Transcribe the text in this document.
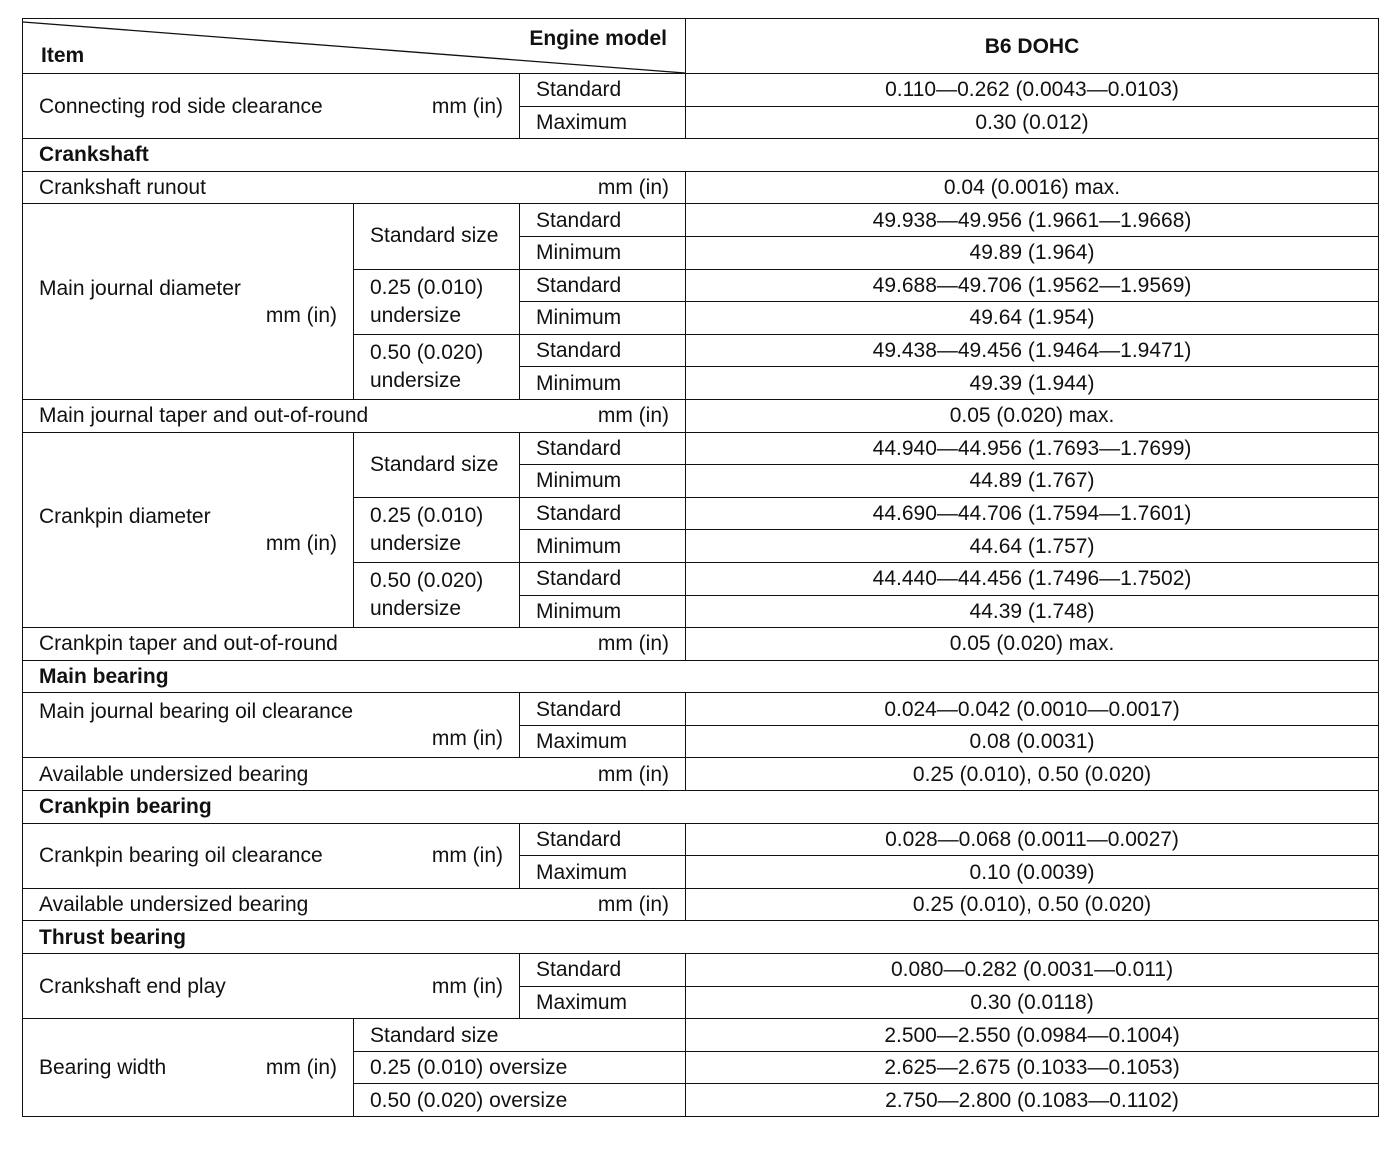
Item
Engine model			B6 DOHC

Connecting rod side clearance mm (in)		Standard	0.110—0.262 (0.0043—0.0103)
		Maximum	0.30 (0.012)
Crankshaft			

Crankshaft runout mm (in)			0.04 (0.0016) max.

Main journal diameter
mm (in)	Standard size	Standard	49.938—49.956 (1.9661—1.9668)
		Minimum	49.89 (1.964)
	0.25 (0.010) undersize	Standard	49.688—49.706 (1.9562—1.9569)
		Minimum	49.64 (1.954)
	0.50 (0.020) undersize	Standard	49.438—49.456 (1.9464—1.9471)
		Minimum	49.39 (1.944)

Main journal taper and out-of-round mm (in)			0.05 (0.020) max.

Crankpin diameter
mm (in)	Standard size	Standard	44.940—44.956 (1.7693—1.7699)
		Minimum	44.89 (1.767)
	0.25 (0.010) undersize	Standard	44.690—44.706 (1.7594—1.7601)
		Minimum	44.64 (1.757)
	0.50 (0.020) undersize	Standard	44.440—44.456 (1.7496—1.7502)
		Minimum	44.39 (1.748)

Crankpin taper and out-of-round mm (in)			0.05 (0.020) max.
Main bearing			

Main journal bearing oil clearance
mm (in)		Standard	0.024—0.042 (0.0010—0.0017)
		Maximum	0.08 (0.0031)

Available undersized bearing mm (in)			0.25 (0.010), 0.50 (0.020)
Crankpin bearing			

Crankpin bearing oil clearance mm (in)		Standard	0.028—0.068 (0.0011—0.0027)
		Maximum	0.10 (0.0039)

Available undersized bearing mm (in)			0.25 (0.010), 0.50 (0.020)
Thrust bearing			

Crankshaft end play mm (in)		Standard	0.080—0.282 (0.0031—0.011)
		Maximum	0.30 (0.0118)

Bearing width mm (in)	Standard size		2.500—2.550 (0.0984—0.1004)
	0.25 (0.010) oversize		2.625—2.675 (0.1033—0.1053)
	0.50 (0.020) oversize		2.750—2.800 (0.1083—0.1102)
